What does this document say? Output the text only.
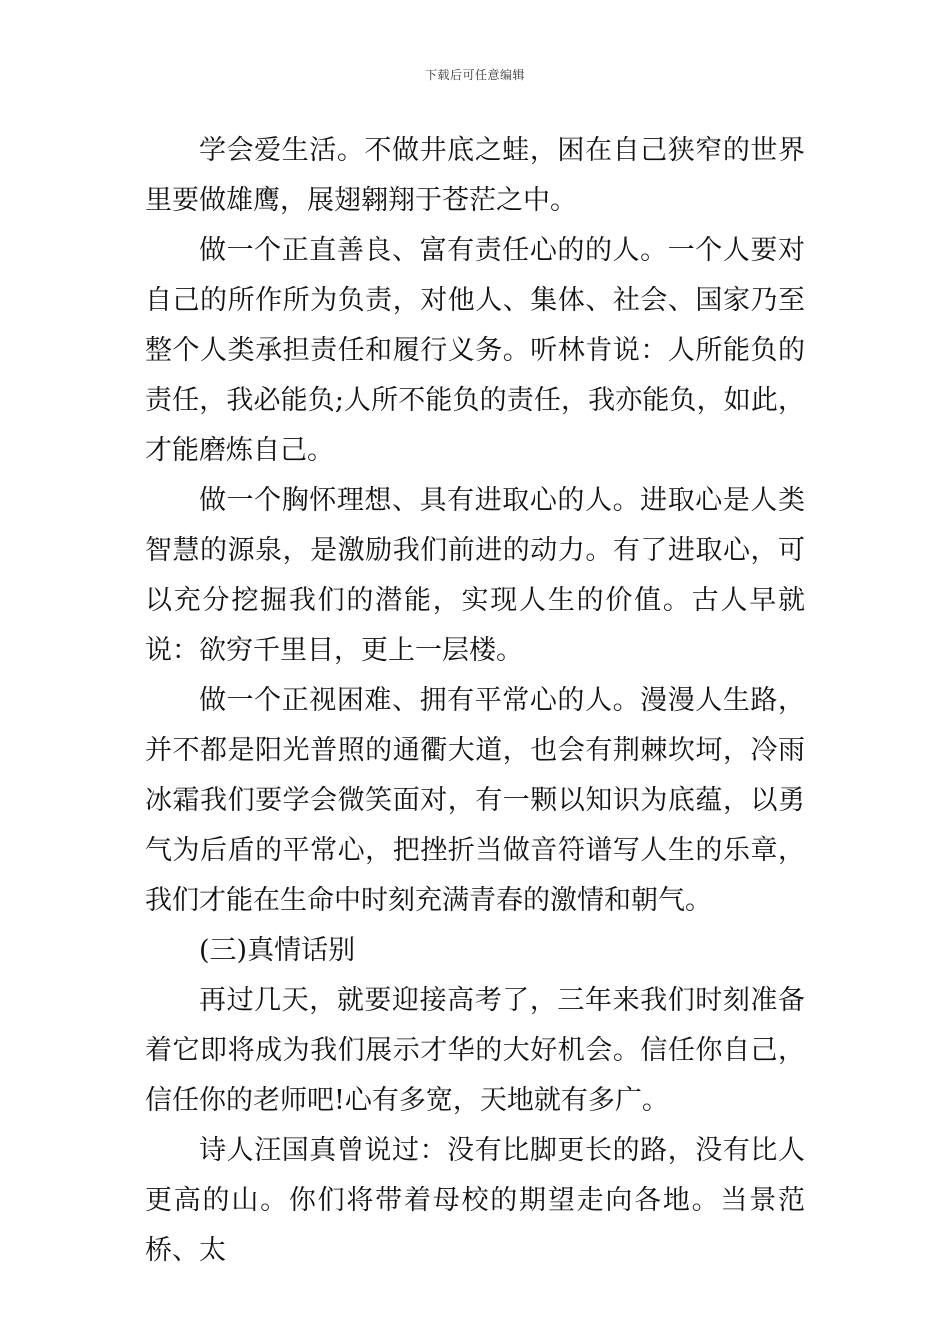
下载后可任意编辑

学会爱生活。不做井底之蛙，困在自己狭窄的世界里要做雄鹰，展翅翱翔于苍茫之中。

做一个正直善良、富有责任心的的人。一个人要对自己的所作所为负责，对他人、集体、社会、国家乃至整个人类承担责任和履行义务。听林肯说：人所能负的责任，我必能负;人所不能负的责任，我亦能负，如此，才能磨炼自己。

做一个胸怀理想、具有进取心的人。进取心是人类智慧的源泉，是激励我们前进的动力。有了进取心，可以充分挖掘我们的潜能，实现人生的价值。古人早就说：欲穷千里目，更上一层楼。

做一个正视困难、拥有平常心的人。漫漫人生路，并不都是阳光普照的通衢大道，也会有荆棘坎坷，冷雨冰霜我们要学会微笑面对，有一颗以知识为底蕴，以勇气为后盾的平常心，把挫折当做音符谱写人生的乐章，我们才能在生命中时刻充满青春的激情和朝气。

(三)真情话别

再过几天，就要迎接高考了，三年来我们时刻准备着它即将成为我们展示才华的大好机会。信任你自己，信任你的老师吧!心有多宽，天地就有多广。

诗人汪国真曾说过：没有比脚更长的路，没有比人更高的山。你们将带着母校的期望走向各地。当景范桥、太
